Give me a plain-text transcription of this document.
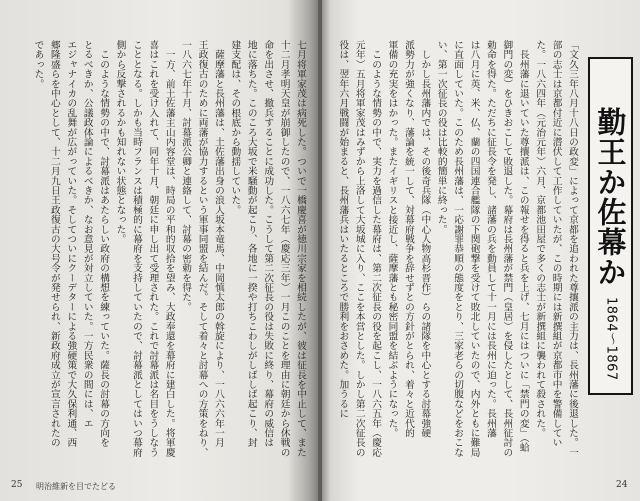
勤王か佐幕か
1864〜1867
「文久三年八月十八日の政変」によって京都を追われた尊攘派の主力は、長州藩に後退した。一
部の志士は京都付近に潜伏して工作していたが、この時期には新撰組が京都市中を警備してい
た。一八六四年（元治元年）六月、京都池田屋で多くの志士が新撰組に襲われて殺された。
　長州藩に退いていた尊攘派は、この報せを得ると兵を上げ、七月にはついに「禁門の変」（蛤
御門の変）をひきおこして敗退した。幕府は長州藩が禁門（皇居）を侵したとして、長州征討の
勅命を得た。ただちに征長令を発し、諸藩の兵を動員して十一月には長州に迫った。長州藩
は八月に英、米、仏、蘭の四国連合艦隊の下関砲撃を受けて敗北していたので、内外ともに難局
に直面していた。このため長州藩は、一応謝罪恭順の態度をとり、三家老らの切腹などをおこな
い、第一次征長の役は比較的簡単に終った。
　しかし長州藩内では、その後奇兵隊（中心人物高杉晋作）らの諸隊を中心とする討幕強硬
派勢力が強くなり、藩論を統一して、対幕府戦争を辞せずとの方針がとられ、着々と近代的
軍備の充実をはかった。またイギリスと接近し、薩摩藩とも秘密同盟を結ぶようになった。
　このような情勢の中で、実力を過信した幕府は、第二次征長の役を起こし、一八六五年（慶応
元年）五月将軍家茂はみずから上洛して大坂城に入り、ここを本営とした。しかし第二次征長の
役は、翌年六月戦闘が始まると、長州藩兵はいたるところで勝利をおさめた。加うるに
24
七月将軍家茂は病死した。ついで一橋慶喜が徳川宗家を相続したが、彼は征長を中止して、また
十二月孝明天皇が崩御したので、一八六七年（慶応三年）一月このことを理由に朝廷から休戦の
命を出させ、撤兵することに成功した。こうして第二次征長の役は失敗に終り、幕府の威信は
地に落ちた。このころ大坂で米騒動が起こり、各地に一揆や打ちこわしがしばしば起こり、封
建支配は、その根底から動揺していた。
　薩摩藩と長州藩は、土佐藩出身の浪人坂本竜馬、中岡慎太郎の斡旋により、一八六六年一月
王政復古のために両藩が協力するという軍事同盟を結んだ。そして着々と討幕への方策をねり、
一八六七年十月、討幕派公卿と連絡して、討幕の密勅を得た。
　一方、前土佐藩主山内容堂は、時局の平和的収拾を望み、大政奉還を幕府に建白した。将軍慶
喜はこれを受け入れて、同年十月、朝廷に申し出て受理された。これで討幕派は名目をうしなう
こととなる。しかも当時フランスは積極的に幕府を支持していたので、討幕派としてはいつ幕府
側から反撃されるかも知れない状態となった。
　このような情勢の中で、討幕派はあたらしい政府の構想を練っていた。薩長の討幕の方向を
とるべきか、公議政体論によるべきか、なお意見が対立していた。一方民衆の間には、エ
エジャナイカの乱舞が広がっていた。そしてついにクーデターによる強硬策で大久保利通、西
郷隆盛らを中心として、十二月九日王政復古の大号令が発せられ、新政府成立が宣言されたの
であった。
25 明治維新を目でたどる
